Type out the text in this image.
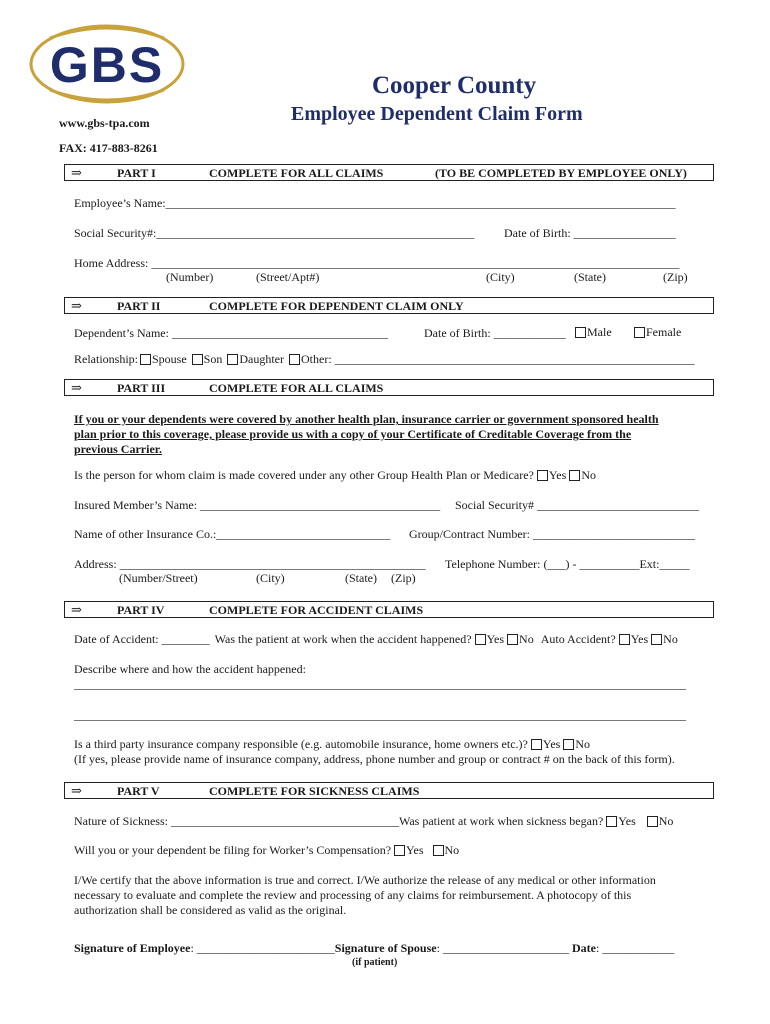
GBS
www.gbs-tpa.com
FAX: 417-883-8261
Cooper County
Employee Dependent Claim Form
⇒	PART I	COMPLETE FOR ALL CLAIMS	(TO BE COMPLETED BY EMPLOYEE ONLY)
Employee’s Name:_____________________________________________________________________________________
Social Security#:_____________________________________________________ Date of Birth: _________________
Home Address: ________________________________________________________________________________________
(Number)	(Street/Apt#)	(City)	(State)	(Zip)
⇒	PART II	COMPLETE FOR DEPENDENT CLAIM ONLY
Dependent’s Name: ____________________________________	Date of Birth: ____________	Male	Female
Relationship: Spouse Son Daughter Other: ____________________________________________________________
⇒	PART III	COMPLETE FOR ALL CLAIMS
If you or your dependents were covered by another health plan, insurance carrier or government sponsored health
plan prior to this coverage, please provide us with a copy of your Certificate of Creditable Coverage from the
previous Carrier.
Is the person for whom claim is made covered under any other Group Health Plan or Medicare? Yes No
Insured Member’s Name: ________________________________________ Social Security# ___________________________
Name of other Insurance Co.:_____________________________ Group/Contract Number: ___________________________
Address: ___________________________________________________ Telephone Number: (___) - __________Ext:_____
(Number/Street)	(City)	(State) (Zip)
⇒	PART IV	COMPLETE FOR ACCIDENT CLAIMS
Date of Accident: ________ Was the patient at work when the accident happened? Yes No Auto Accident? Yes No
Describe where and how the accident happened:
______________________________________________________________________________________________________
______________________________________________________________________________________________________
Is a third party insurance company responsible (e.g. automobile insurance, home owners etc.)? Yes No
(If yes, please provide name of insurance company, address, phone number and group or contract # on the back of this form).
⇒	PART V	COMPLETE FOR SICKNESS CLAIMS
Nature of Sickness: ______________________________________Was patient at work when sickness began? Yes No
Will you or your dependent be filing for Worker’s Compensation? Yes No
I/We certify that the above information is true and correct. I/We authorize the release of any medical or other information
necessary to evaluate and complete the review and processing of any claims for reimbursement. A photocopy of this
authorization shall be considered as valid as the original.
Signature of Employee: _______________________Signature of Spouse: _____________________ Date: ____________
(if patient)
